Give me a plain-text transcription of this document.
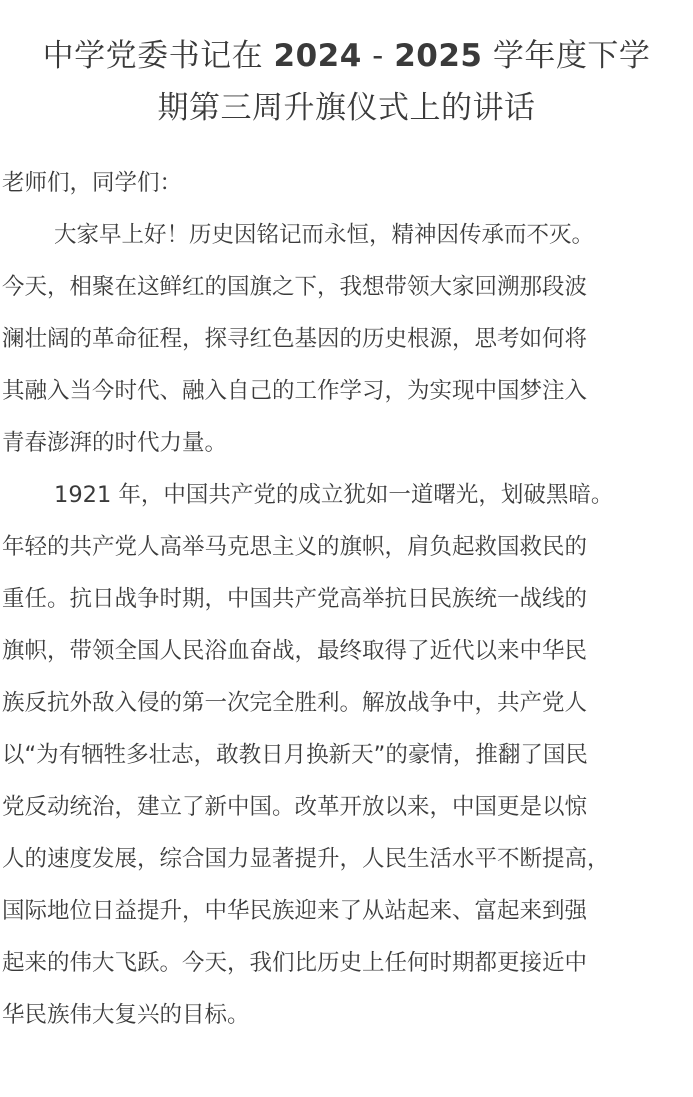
中学党委书记在 2024 - 2025 学年度下学
期第三周升旗仪式上的讲话
老师们，同学们：
大家早上好！历史因铭记而永恒，精神因传承而不灭。
今天，相聚在这鲜红的国旗之下，我想带领大家回溯那段波
澜壮阔的革命征程，探寻红色基因的历史根源，思考如何将
其融入当今时代、融入自己的工作学习，为实现中国梦注入
青春澎湃的时代力量。
1921 年，中国共产党的成立犹如一道曙光，划破黑暗。
年轻的共产党人高举马克思主义的旗帜，肩负起救国救民的
重任。抗日战争时期，中国共产党高举抗日民族统一战线的
旗帜，带领全国人民浴血奋战，最终取得了近代以来中华民
族反抗外敌入侵的第一次完全胜利。解放战争中，共产党人
以“为有牺牲多壮志，敢教日月换新天”的豪情，推翻了国民
党反动统治，建立了新中国。改革开放以来，中国更是以惊
人的速度发展，综合国力显著提升，人民生活水平不断提高，
国际地位日益提升，中华民族迎来了从站起来、富起来到强
起来的伟大飞跃。今天，我们比历史上任何时期都更接近中
华民族伟大复兴的目标。
